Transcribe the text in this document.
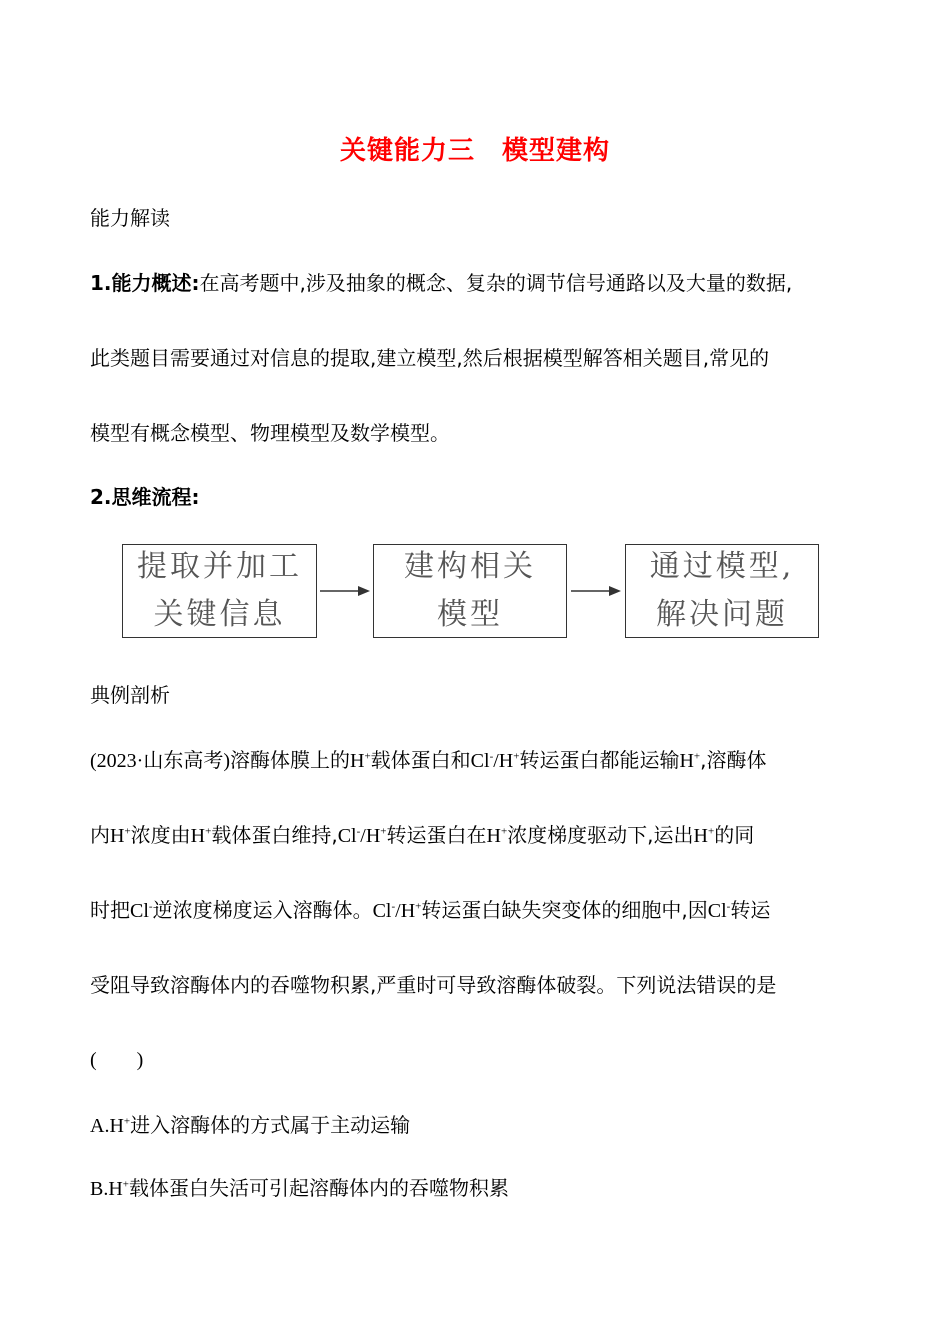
关键能力三　模型建构
能力解读
1.能力概述:在高考题中,涉及抽象的概念、复杂的调节信号通路以及大量的数据,
此类题目需要通过对信息的提取,建立模型,然后根据模型解答相关题目,常见的
模型有概念模型、物理模型及数学模型。
2.思维流程:
提取并加工
关键信息
建构相关
模型
通过模型,
解决问题
典例剖析
(2023·山东高考)溶酶体膜上的H+载体蛋白和Cl-/H+转运蛋白都能运输H+,溶酶体
内H+浓度由H+载体蛋白维持,Cl-/H+转运蛋白在H+浓度梯度驱动下,运出H+的同
时把Cl-逆浓度梯度运入溶酶体。Cl-/H+转运蛋白缺失突变体的细胞中,因Cl-转运
受阻导致溶酶体内的吞噬物积累,严重时可导致溶酶体破裂。下列说法错误的是
( )
A.H+进入溶酶体的方式属于主动运输
B.H+载体蛋白失活可引起溶酶体内的吞噬物积累
